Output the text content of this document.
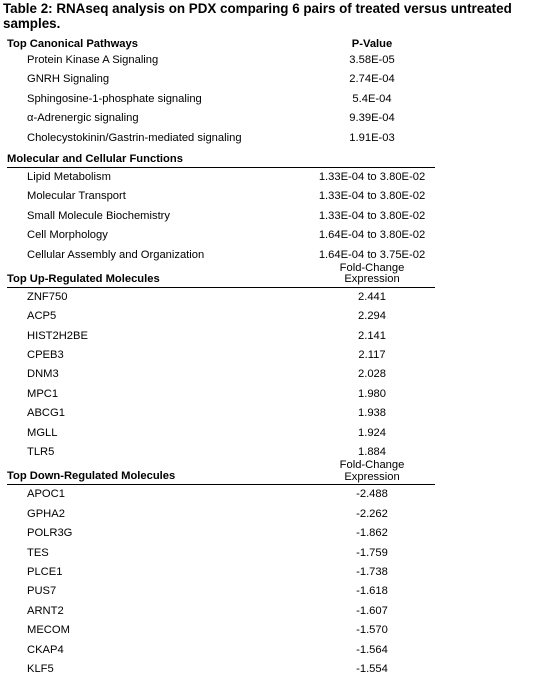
Table 2: RNAseq analysis on PDX comparing 6 pairs of treated versus untreated samples.
Top Canonical Pathways	P-Value
Protein Kinase A Signaling	3.58E-05
GNRH Signaling	2.74E-04
Sphingosine-1-phosphate signaling	5.4E-04
α-Adrenergic signaling	9.39E-04
Cholecystokinin/Gastrin-mediated signaling	1.91E-03
Molecular and Cellular Functions
Lipid Metabolism	1.33E-04 to 3.80E-02
Molecular Transport	1.33E-04 to 3.80E-02
Small Molecule Biochemistry	1.33E-04 to 3.80E-02
Cell Morphology	1.64E-04 to 3.80E-02
Cellular Assembly and Organization	1.64E-04 to 3.75E-02
Top Up-Regulated Molecules
Fold-Change
Expression
ZNF750	2.441
ACP5	2.294
HIST2H2BE	2.141
CPEB3	2.117
DNM3	2.028
MPC1	1.980
ABCG1	1.938
MGLL	1.924
TLR5	1.884
Top Down-Regulated Molecules
Fold-Change
Expression
APOC1	-2.488
GPHA2	-2.262
POLR3G	-1.862
TES	-1.759
PLCE1	-1.738
PUS7	-1.618
ARNT2	-1.607
MECOM	-1.570
CKAP4	-1.564
KLF5	-1.554
